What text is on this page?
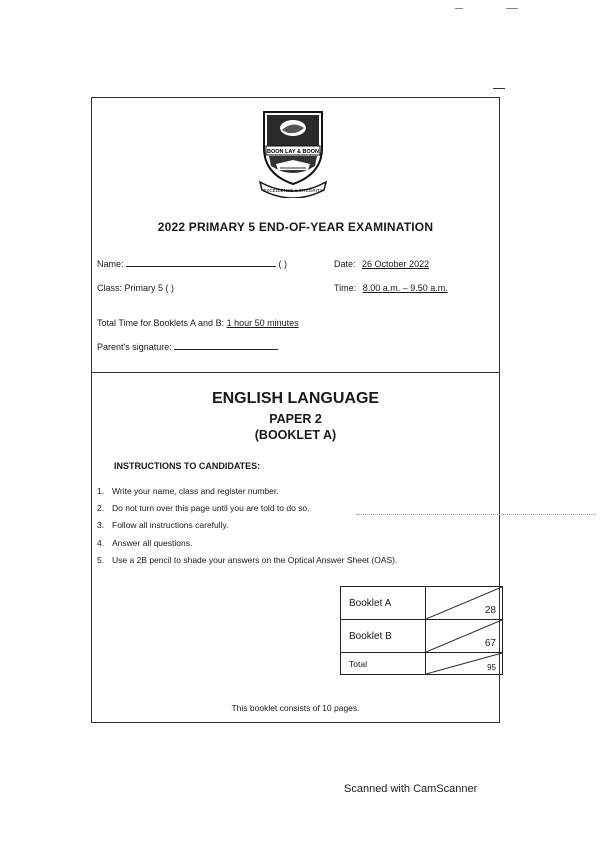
BOON LAY & BOON
EXCELLENCE & INTEGRITY
2022 PRIMARY 5 END-OF-YEAR EXAMINATION
Name:	( )	Date: 26 October 2022
Class: Primary 5 ( )	Time: 8.00 a.m. – 9.50 a.m.
Total Time for Booklets A and B: 1 hour 50 minutes
Parent's signature:
ENGLISH LANGUAGE
PAPER 2
(BOOKLET A)
INSTRUCTIONS TO CANDIDATES:
1. Write your name, class and register number.
2. Do not turn over this page until you are told to do so.
3. Follow all instructions carefully.
4. Answer all questions.
5. Use a 2B pencil to shade your answers on the Optical Answer Sheet (OAS).
Booklet A	28

Booklet B	67

Total	95
This booklet consists of 10 pages.
Scanned with CamScanner
